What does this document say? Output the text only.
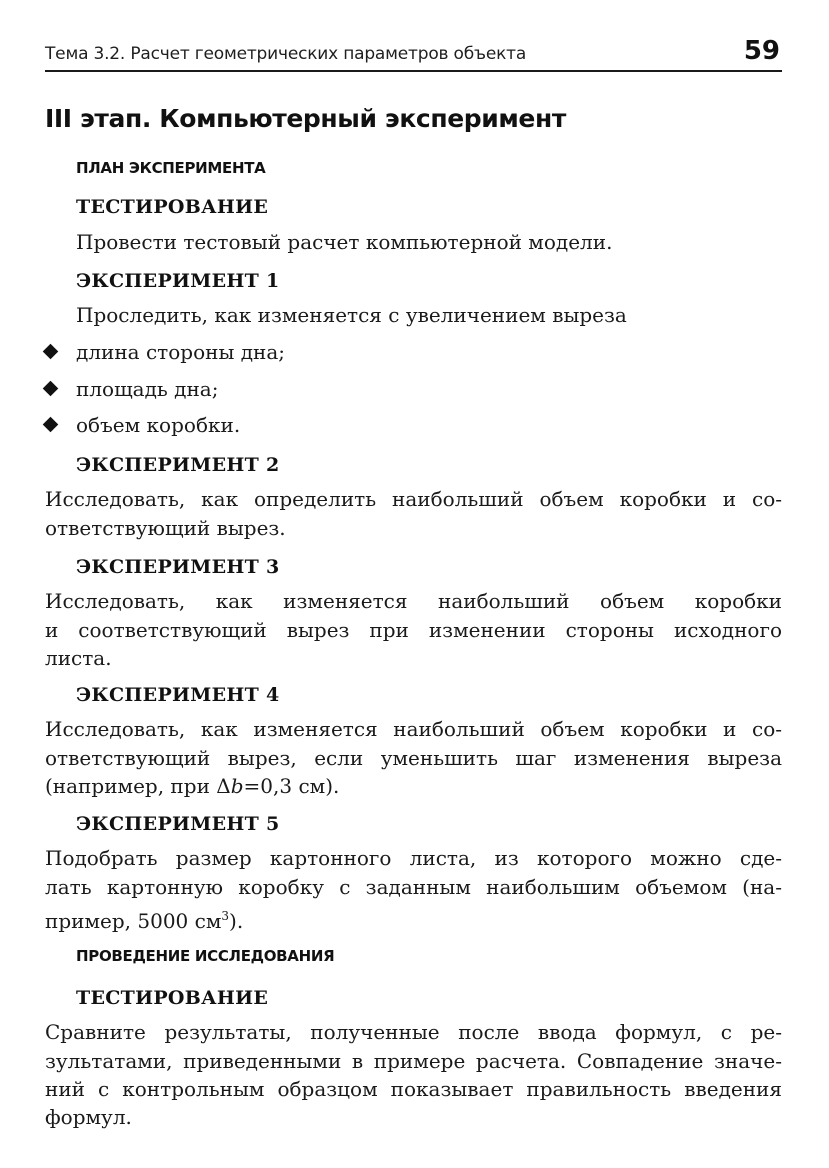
Тема 3.2. Расчет геометрических параметров объекта	59
III этап. Компьютерный эксперимент
ПЛАН ЭКСПЕРИМЕНТА
ТЕСТИРОВАНИЕ
Провести тестовый расчет компьютерной модели.
ЭКСПЕРИМЕНТ 1
Проследить, как изменяется с увеличением выреза
длина стороны дна;
площадь дна;
объем коробки.
ЭКСПЕРИМЕНТ 2
Исследовать, как определить наибольший объем коробки и со-
ответствующий вырез.
ЭКСПЕРИМЕНТ 3
Исследовать, как изменяется наибольший объем коробки
и соответствующий вырез при изменении стороны исходного
листа.
ЭКСПЕРИМЕНТ 4
Исследовать, как изменяется наибольший объем коробки и со-
ответствующий вырез, если уменьшить шаг изменения выреза
(например, при Δb=0,3 см).
ЭКСПЕРИМЕНТ 5
Подобрать размер картонного листа, из которого можно сде-
лать картонную коробку с заданным наибольшим объемом (на-
пример, 5000 $см^3$).
ПРОВЕДЕНИЕ ИССЛЕДОВАНИЯ
ТЕСТИРОВАНИЕ
Сравните результаты, полученные после ввода формул, с ре-
зультатами, приведенными в примере расчета. Совпадение значе-
ний с контрольным образцом показывает правильность введения
формул.
